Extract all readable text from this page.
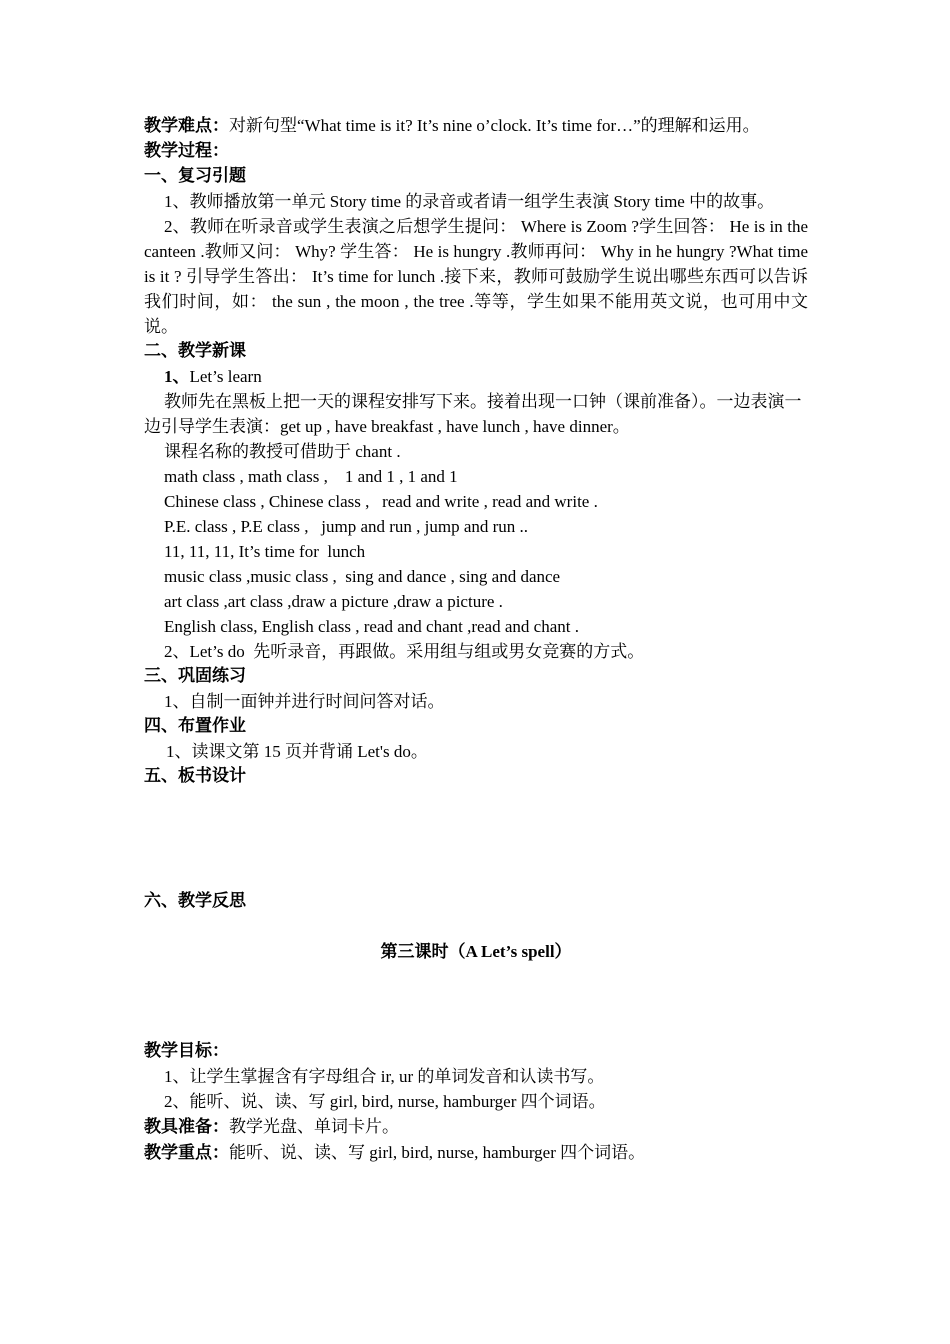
教学难点：对新句型“What time is it? It’s nine o’clock. It’s time for…”的理解和运用。

教学过程：

一、复习引题

1、教师播放第一单元 Story time 的录音或者请一组学生表演 Story time 中的故事。

2、教师在听录音或学生表演之后想学生提问： Where is Zoom ?学生回答： He is in the canteen .教师又问： Why? 学生答： He is hungry .教师再问： Why in he hungry ?What time is it ? 引导学生答出： It’s time for lunch .接下来，教师可鼓励学生说出哪些东西可以告诉我们时间，如： the sun , the moon , the tree .等等，学生如果不能用英文说，也可用中文说。

二、教学新课

1、Let’s learn

教师先在黑板上把一天的课程安排写下来。接着出现一口钟（课前准备）。一边表演一边引导学生表演：get up , have breakfast , have lunch , have dinner。

课程名称的教授可借助于 chant .

math class , math class ,    1 and 1 , 1 and 1

Chinese class , Chinese class ,   read and write , read and write .

P.E. class , P.E class ,   jump and run , jump and run ..

11, 11, 11, It’s time for  lunch

music class ,music class ,  sing and dance , sing and dance

art class ,art class ,draw a picture ,draw a picture .

English class, English class , read and chant ,read and chant .

2、Let’s do  先听录音，再跟做。采用组与组或男女竞赛的方式。

三、巩固练习

1、自制一面钟并进行时间问答对话。

四、布置作业

1、读课文第 15 页并背诵 Let's do。

五、板书设计

六、教学反思

第三课时（A Let’s spell）

教学目标：

1、让学生掌握含有字母组合 ir, ur 的单词发音和认读书写。

2、能听、说、读、写 girl, bird, nurse, hamburger 四个词语。

教具准备：教学光盘、单词卡片。

教学重点：能听、说、读、写 girl, bird, nurse, hamburger 四个词语。
